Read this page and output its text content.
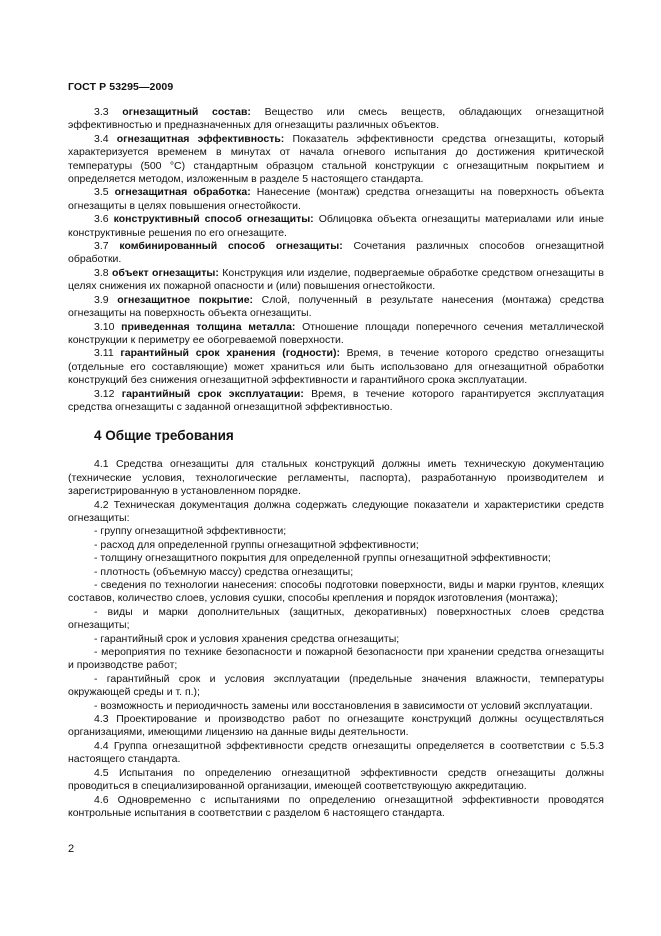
ГОСТ Р 53295—2009

3.3 огнезащитный состав: Вещество или смесь веществ, обладающих огнезащитной эффективностью и предназначенных для огнезащиты различных объектов.

3.4 огнезащитная эффективность: Показатель эффективности средства огнезащиты, который характеризуется временем в минутах от начала огневого испытания до достижения критической температуры (500 °С) стандартным образцом стальной конструкции с огнезащитным покрытием и определяется методом, изложенным в разделе 5 настоящего стандарта.

3.5 огнезащитная обработка: Нанесение (монтаж) средства огнезащиты на поверхность объекта огнезащиты в целях повышения огнестойкости.

3.6 конструктивный способ огнезащиты: Облицовка объекта огнезащиты материалами или иные конструктивные решения по его огнезащите.

3.7 комбинированный способ огнезащиты: Сочетания различных способов огнезащитной обработки.

3.8 объект огнезащиты: Конструкция или изделие, подвергаемые обработке средством огнезащиты в целях снижения их пожарной опасности и (или) повышения огнестойкости.

3.9 огнезащитное покрытие: Слой, полученный в результате нанесения (монтажа) средства огнезащиты на поверхность объекта огнезащиты.

3.10 приведенная толщина металла: Отношение площади поперечного сечения металлической конструкции к периметру ее обогреваемой поверхности.

3.11 гарантийный срок хранения (годности): Время, в течение которого средство огнезащиты (отдельные его составляющие) может храниться или быть использовано для огнезащитной обработки конструкций без снижения огнезащитной эффективности и гарантийного срока эксплуатации.

3.12 гарантийный срок эксплуатации: Время, в течение которого гарантируется эксплуатация средства огнезащиты с заданной огнезащитной эффективностью.

4 Общие требования

4.1 Средства огнезащиты для стальных конструкций должны иметь техническую документацию (технические условия, технологические регламенты, паспорта), разработанную производителем и зарегистрированную в установленном порядке.

4.2 Техническая документация должна содержать следующие показатели и характеристики средств огнезащиты:

- группу огнезащитной эффективности;

- расход для определенной группы огнезащитной эффективности;

- толщину огнезащитного покрытия для определенной группы огнезащитной эффективности;

- плотность (объемную массу) средства огнезащиты;

- сведения по технологии нанесения: способы подготовки поверхности, виды и марки грунтов, клеящих составов, количество слоев, условия сушки, способы крепления и порядок изготовления (монтажа);

- виды и марки дополнительных (защитных, декоративных) поверхностных слоев средства огнезащиты;

- гарантийный срок и условия хранения средства огнезащиты;

- мероприятия по технике безопасности и пожарной безопасности при хранении средства огнезащиты и производстве работ;

- гарантийный срок и условия эксплуатации (предельные значения влажности, температуры окружающей среды и т. п.);

- возможность и периодичность замены или восстановления в зависимости от условий эксплуатации.

4.3 Проектирование и производство работ по огнезащите конструкций должны осуществляться организациями, имеющими лицензию на данные виды деятельности.

4.4 Группа огнезащитной эффективности средств огнезащиты определяется в соответствии с 5.5.3 настоящего стандарта.

4.5 Испытания по определению огнезащитной эффективности средств огнезащиты должны проводиться в специализированной организации, имеющей соответствующую аккредитацию.

4.6 Одновременно с испытаниями по определению огнезащитной эффективности проводятся контрольные испытания в соответствии с разделом 6 настоящего стандарта.

2
